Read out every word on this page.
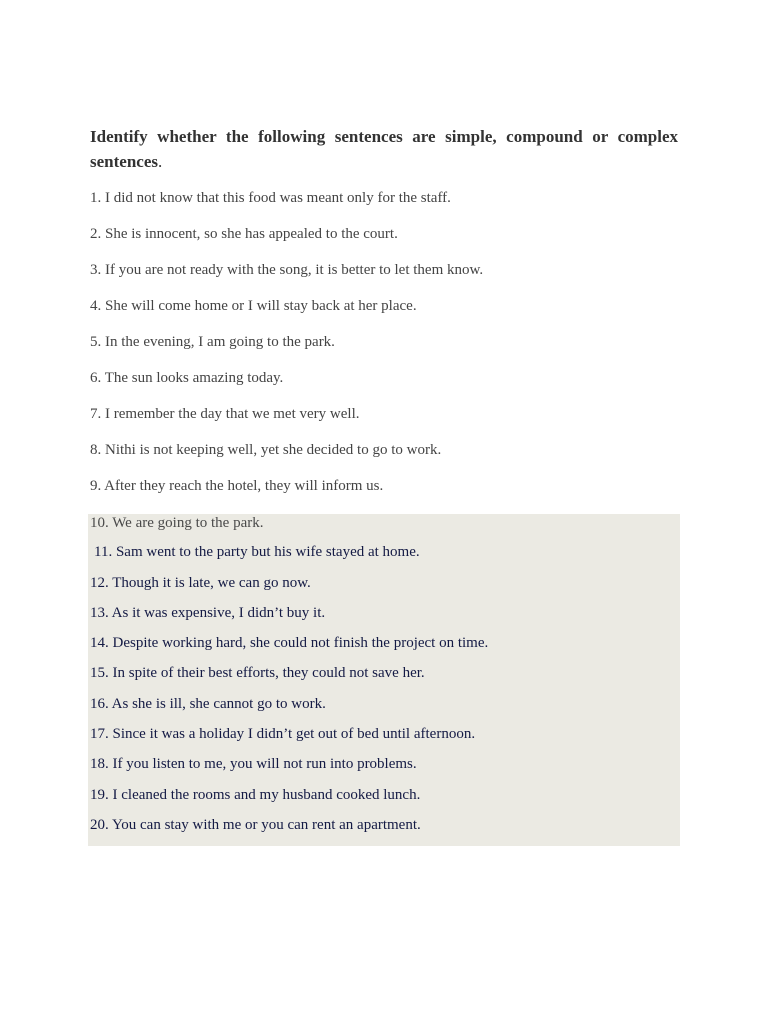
Identify whether the following sentences are simple, compound or complex sentences.
1. I did not know that this food was meant only for the staff.
2. She is innocent, so she has appealed to the court.
3. If you are not ready with the song, it is better to let them know.
4. She will come home or I will stay back at her place.
5. In the evening, I am going to the park.
6. The sun looks amazing today.
7. I remember the day that we met very well.
8. Nithi is not keeping well, yet she decided to go to work.
9. After they reach the hotel, they will inform us.
10. We are going to the park.
11. Sam went to the party but his wife stayed at home.
12. Though it is late, we can go now.
13. As it was expensive, I didn’t buy it.
14. Despite working hard, she could not finish the project on time.
15. In spite of their best efforts, they could not save her.
16. As she is ill, she cannot go to work.
17. Since it was a holiday I didn’t get out of bed until afternoon.
18. If you listen to me, you will not run into problems.
19. I cleaned the rooms and my husband cooked lunch.
20. You can stay with me or you can rent an apartment.
